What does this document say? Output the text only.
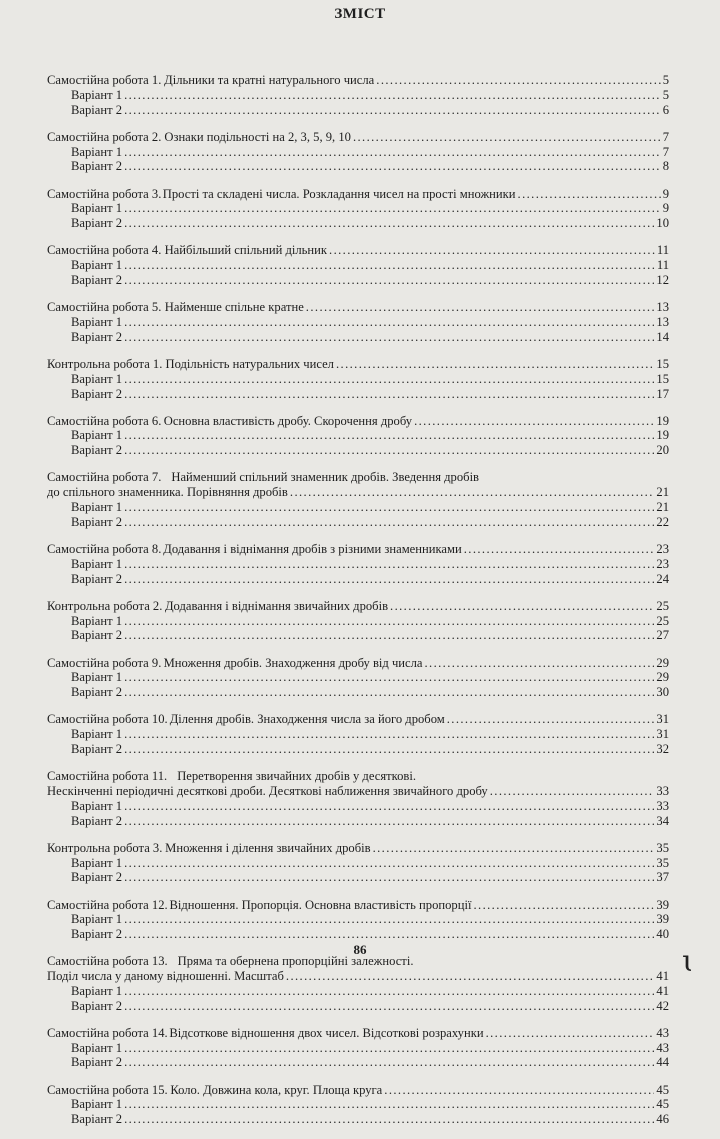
ЗМІСТ
Самостійна робота 1. Дільники та кратні натурального числа .....	5
Варіант 1 .....	5
Варіант 2 .....	6
Самостійна робота 2. Ознаки подільності на 2, 3, 5, 9, 10 .....	7
Варіант 1 .....	7
Варіант 2 .....	8
Самостійна робота 3. Прості та складені числа. Розкладання чисел на прості множники .....	9
Варіант 1 .....	9
Варіант 2 .....	10
Самостійна робота 4. Найбільший спільний дільник .....	11
Варіант 1 .....	11
Варіант 2 .....	12
Самостійна робота 5. Найменше спільне кратне .....	13
Варіант 1 .....	13
Варіант 2 .....	14
Контрольна робота 1. Подільність натуральних чисел .....	15
Варіант 1 .....	15
Варіант 2 .....	17
Самостійна робота 6. Основна властивість дробу. Скорочення дробу .....	19
Варіант 1 .....	19
Варіант 2 .....	20
Самостійна робота 7. Найменший спільний знаменник дробів. Зведення дробів
до спільного знаменника. Порівняння дробів .....	21
Варіант 1 .....	21
Варіант 2 .....	22
Самостійна робота 8. Додавання і віднімання дробів з різними знаменниками .....	23
Варіант 1 .....	23
Варіант 2 .....	24
Контрольна робота 2. Додавання і віднімання звичайних дробів .....	25
Варіант 1 .....	25
Варіант 2 .....	27
Самостійна робота 9. Множення дробів. Знаходження дробу від числа .....	29
Варіант 1 .....	29
Варіант 2 .....	30
Самостійна робота 10. Ділення дробів. Знаходження числа за його дробом .....	31
Варіант 1 .....	31
Варіант 2 .....	32
Самостійна робота 11. Перетворення звичайних дробів у десяткові.
Нескінченні періодичні десяткові дроби. Десяткові наближення звичайного дробу .....	33
Варіант 1 .....	33
Варіант 2 .....	34
Контрольна робота 3. Множення і ділення звичайних дробів .....	35
Варіант 1 .....	35
Варіант 2 .....	37
Самостійна робота 12. Відношення. Пропорція. Основна властивість пропорції .....	39
Варіант 1 .....	39
Варіант 2 .....	40
Самостійна робота 13. Пряма та обернена пропорційні залежності.
Поділ числа у даному відношенні. Масштаб .....	41
Варіант 1 .....	41
Варіант 2 .....	42
Самостійна робота 14. Відсоткове відношення двох чисел. Відсоткові розрахунки .....	43
Варіант 1 .....	43
Варіант 2 .....	44
Самостійна робота 15. Коло. Довжина кола, круг. Площа круга .....	45
Варіант 1 .....	45
Варіант 2 .....	46
86	ɩ
